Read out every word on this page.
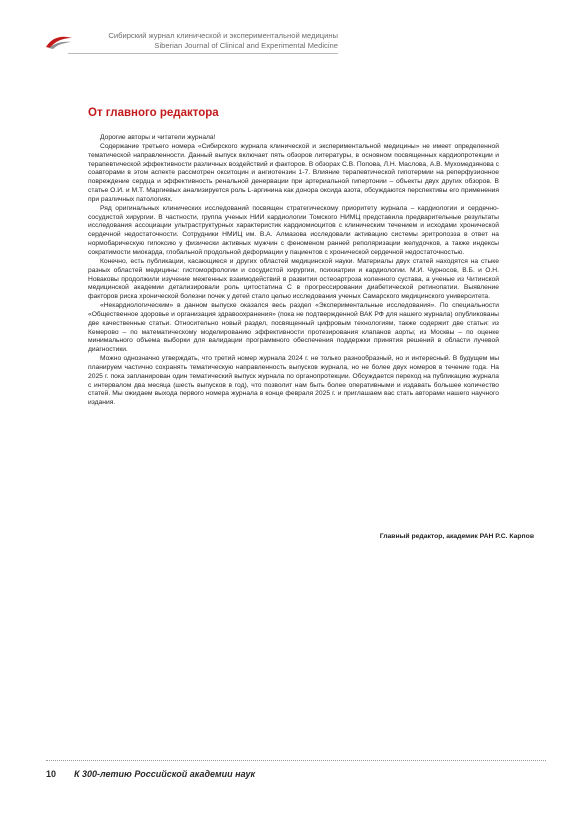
Сибирский журнал клинической и экспериментальной медицины
Siberian Journal of Clinical and Experimental Medicine
От главного редактора

Дорогие авторы и читатели журнала!

Содержание третьего номера «Сибирского журнала клинической и экспериментальной медицины» не имеет определенной тематической направленности. Данный выпуск включает пять обзоров литературы, в основном посвященных кардиопротекции и терапевтической эффективности различных воздействий и факторов. В обзорах С.В. Попова, Л.Н. Маслова, А.В. Мухомедзянова с соавторами в этом аспекте рассмотрен окситоцин и ангиотензин 1-7. Влияние терапевтической гипотермии на реперфузионное повреждение сердца и эффективность ренальной денервации при артериальной гипертонии – объекты двух других обзоров. В статье О.И. и М.Т. Маргиевых анализируется роль L-аргинина как донора оксида азота, обсуждаются перспективы его применения при различных патологиях.

Ряд оригинальных клинических исследований посвящен стратегическому приоритету журнала – кардиологии и сердечно-сосудистой хирургии. В частности, группа ученых НИИ кардиологии Томского НИМЦ представила предварительные результаты исследования ассоциации ультраструктурных характеристик кардиомиоцитов с клиническим течением и исходами хронической сердечной недостаточности. Сотрудники НМИЦ им. В.А. Алмазова исследовали активацию системы эритропоэза в ответ на нормобарическую гипоксию у физически активных мужчин с феноменом ранней реполяризации желудочков, а также индексы сократимости миокарда, глобальной продольной деформации у пациентов с хронической сердечной недостаточностью.

Конечно, есть публикации, касающиеся и других областей медицинской науки. Материалы двух статей находятся на стыке разных областей медицины: гистоморфологии и сосудистой хирургии, психиатрии и кардиологии. М.И. Чурносов, В.Б. и О.Н. Новаковы продолжили изучение межгенных взаимодействий в развитии остеоартроза коленного сустава, а ученые из Читинской медицинской академии детализировали роль цитостатина С в прогрессировании диабетической ретинопатии. Выявление факторов риска хронической болезни почек у детей стало целью исследования ученых Самарского медицинского университета.

«Некардиологическим» в данном выпуске оказался весь раздел «Экспериментальные исследования». По специальности «Общественное здоровье и организация здравоохранения» (пока не подтвержденной ВАК РФ для нашего журнала) опубликованы две качественные статьи. Относительно новый раздел, посвященный цифровым технологиям, также содержит две статьи: из Кемерово – по математическому моделированию эффективности протезирования клапанов аорты; из Москвы – по оценке минимального объема выборки для валидации программного обеспечения поддержки принятия решений в области лучевой диагностики.

Можно однозначно утверждать, что третий номер журнала 2024 г. не только разнообразный, но и интересный. В будущем мы планируем частично сохранять тематическую направленность выпусков журнала, но не более двух номеров в течение года. На 2025 г. пока запланирован один тематический выпуск журнала по органопротекции. Обсуждается переход на публикацию журнала с интервалом два месяца (шесть выпусков в год), что позволит нам быть более оперативными и издавать большее количество статей. Мы ожидаем выхода первого номера журнала в конце февраля 2025 г. и приглашаем вас стать авторами нашего научного издания.

Главный редактор, академик РАН Р.С. Карпов

10 К 300-летию Российской академии наук
